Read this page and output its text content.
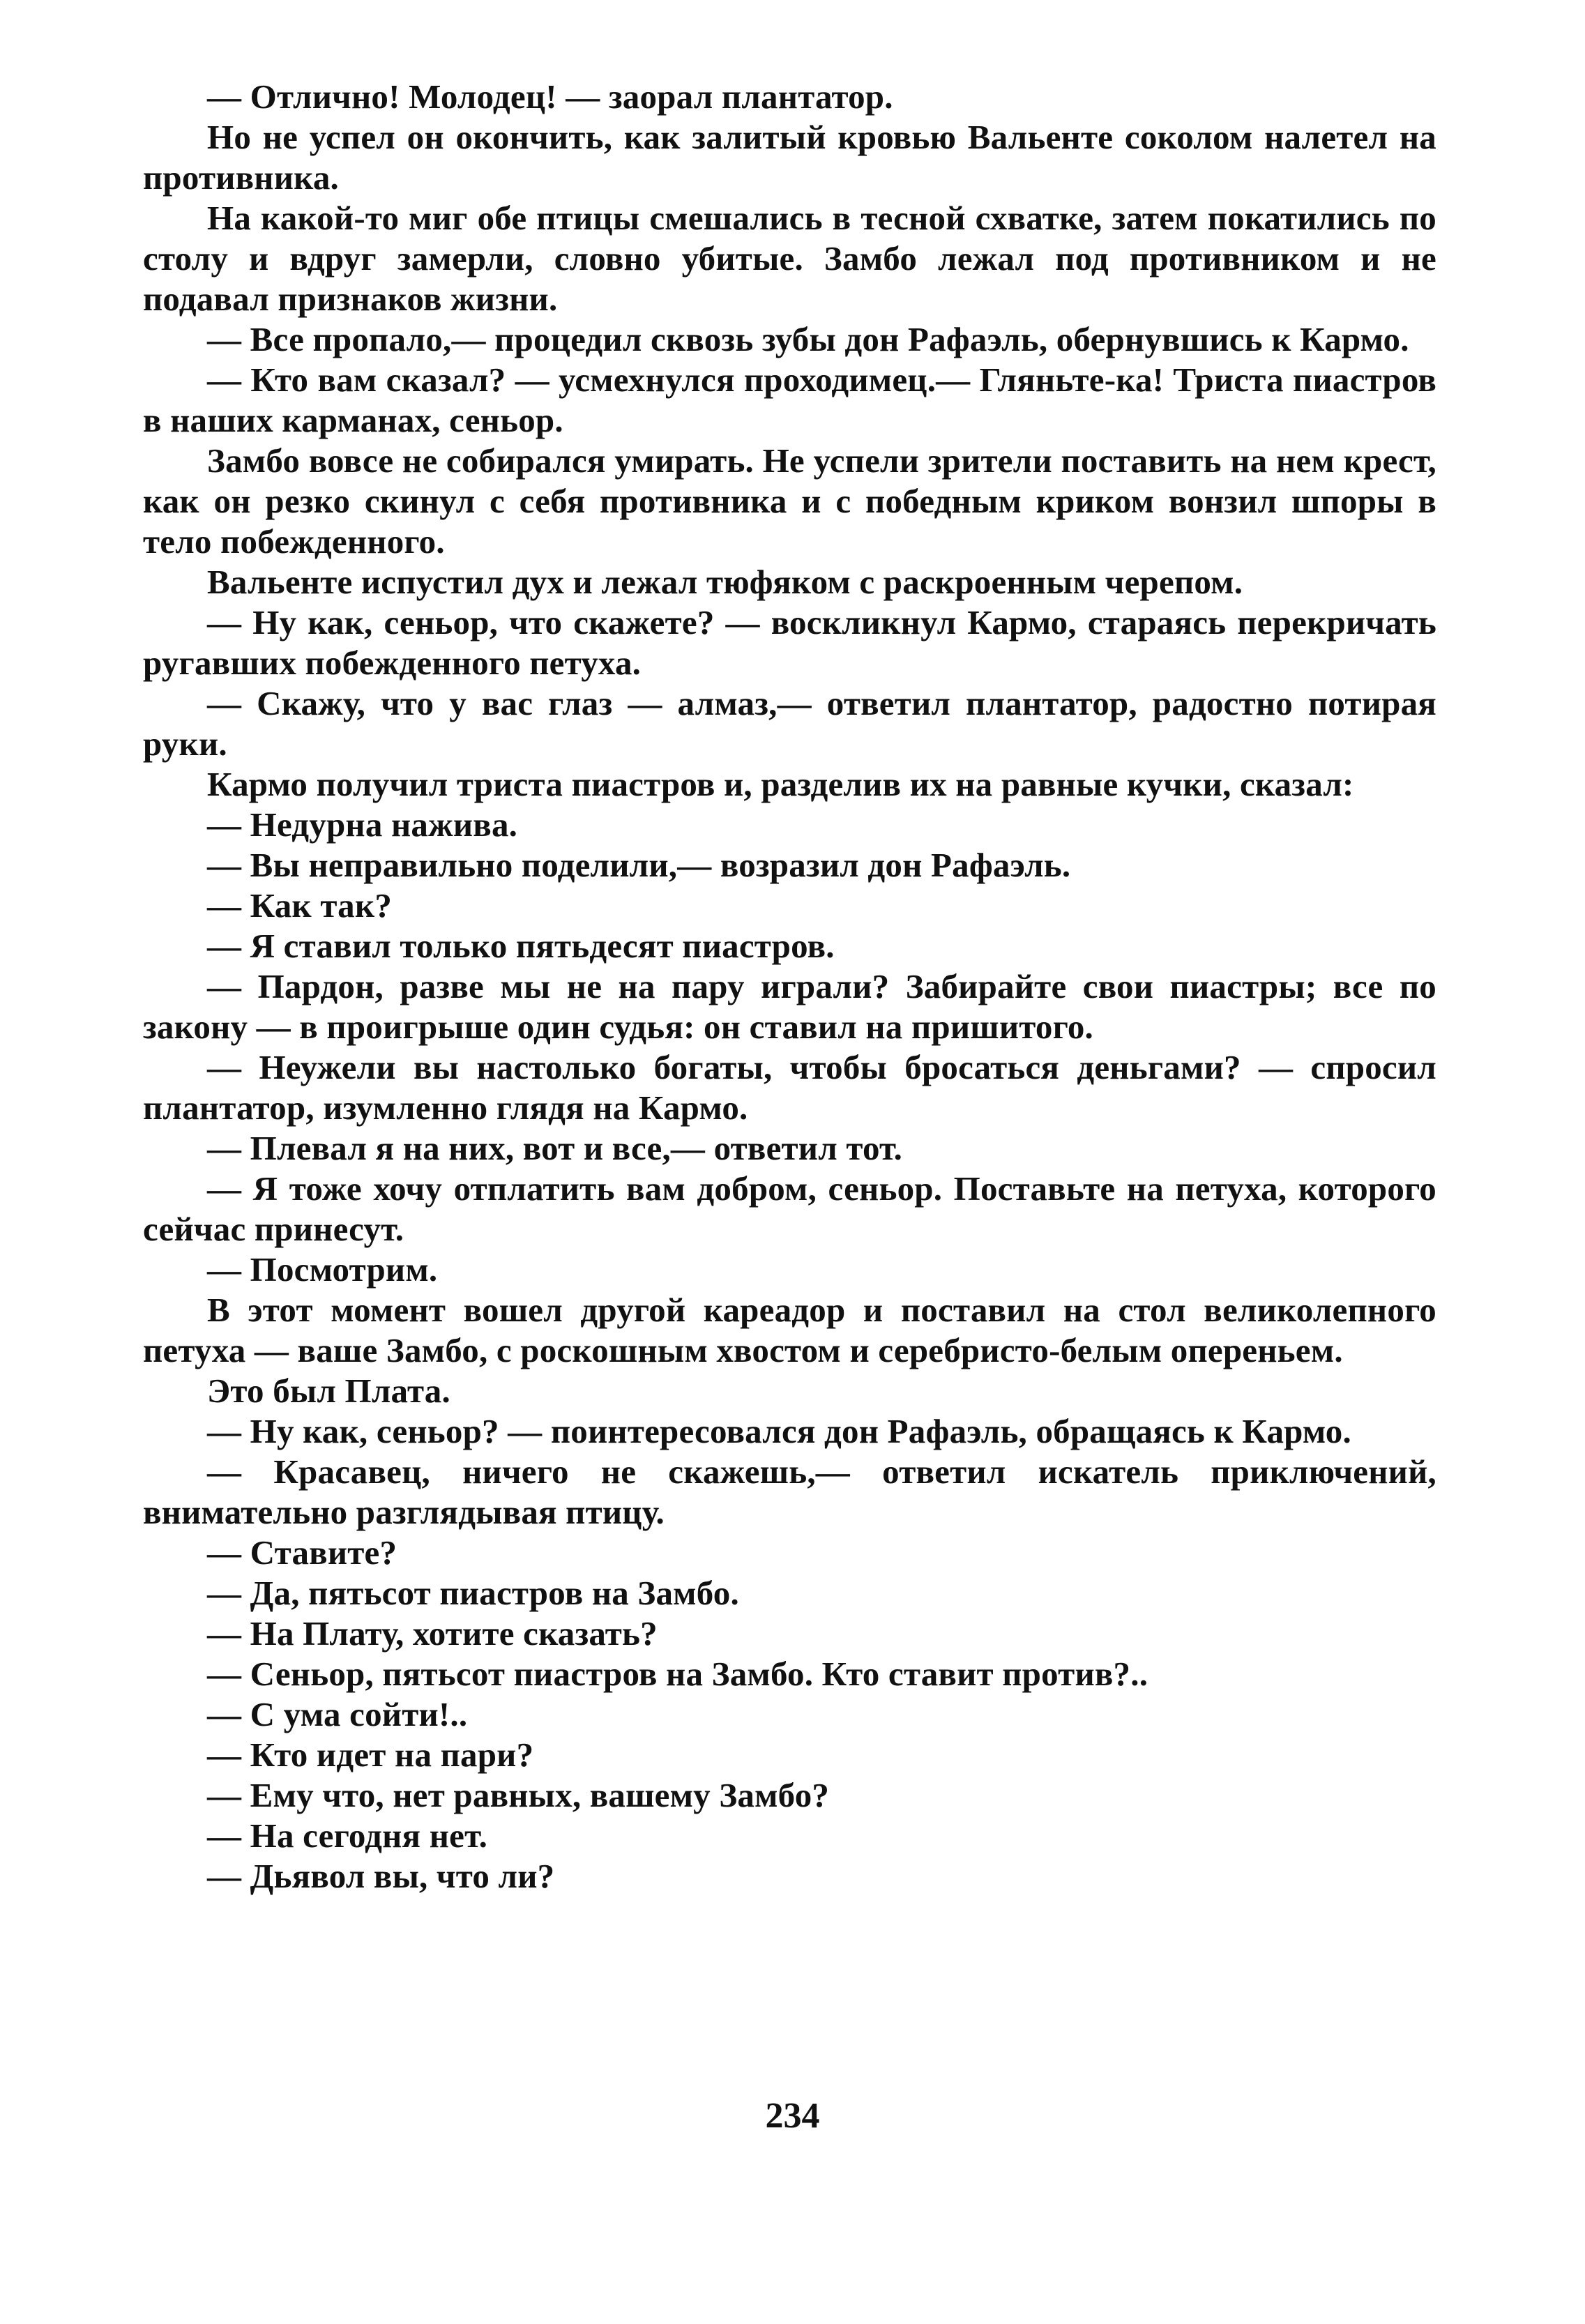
— Отлично! Молодец! — заорал плантатор.

Но не успел он окончить, как залитый кровью Вальенте соколом налетел на противника.

На какой-то миг обе птицы смешались в тесной схватке, затем покатились по столу и вдруг замерли, словно убитые. Замбо лежал под противником и не подавал признаков жизни.

— Все пропало,— процедил сквозь зубы дон Рафаэль, обернувшись к Кармо.

— Кто вам сказал? — усмехнулся проходимец.— Гляньте-ка! Триста пиастров в наших карманах, сеньор.

Замбо вовсе не собирался умирать. Не успели зрители поставить на нем крест, как он резко скинул с себя противника и с победным криком вонзил шпоры в тело побежденного.

Вальенте испустил дух и лежал тюфяком с раскроенным черепом.

— Ну как, сеньор, что скажете? — воскликнул Кармо, стараясь перекричать ругавших побежденного петуха.

— Скажу, что у вас глаз — алмаз,— ответил плантатор, радостно потирая руки.

Кармо получил триста пиастров и, разделив их на равные кучки, сказал:

— Недурна нажива.

— Вы неправильно поделили,— возразил дон Рафаэль.

— Как так?

— Я ставил только пятьдесят пиастров.

— Пардон, разве мы не на пару играли? Забирайте свои пиастры; все по закону — в проигрыше один судья: он ставил на пришитого.

— Неужели вы настолько богаты, чтобы бросаться деньгами? — спросил плантатор, изумленно глядя на Кармо.

— Плевал я на них, вот и все,— ответил тот.

— Я тоже хочу отплатить вам добром, сеньор. Поставьте на петуха, которого сейчас принесут.

— Посмотрим.

В этот момент вошел другой кареадор и поставил на стол великолепного петуха — ваше Замбо, с роскошным хвостом и серебристо-белым опереньем.

Это был Плата.

— Ну как, сеньор? — поинтересовался дон Рафаэль, обращаясь к Кармо.

— Красавец, ничего не скажешь,— ответил искатель приключений, внимательно разглядывая птицу.

— Ставите?

— Да, пятьсот пиастров на Замбо.

— На Плату, хотите сказать?

— Сеньор, пятьсот пиастров на Замбо. Кто ставит против?..

— С ума сойти!..

— Кто идет на пари?

— Ему что, нет равных, вашему Замбо?

— На сегодня нет.

— Дьявол вы, что ли?

234
